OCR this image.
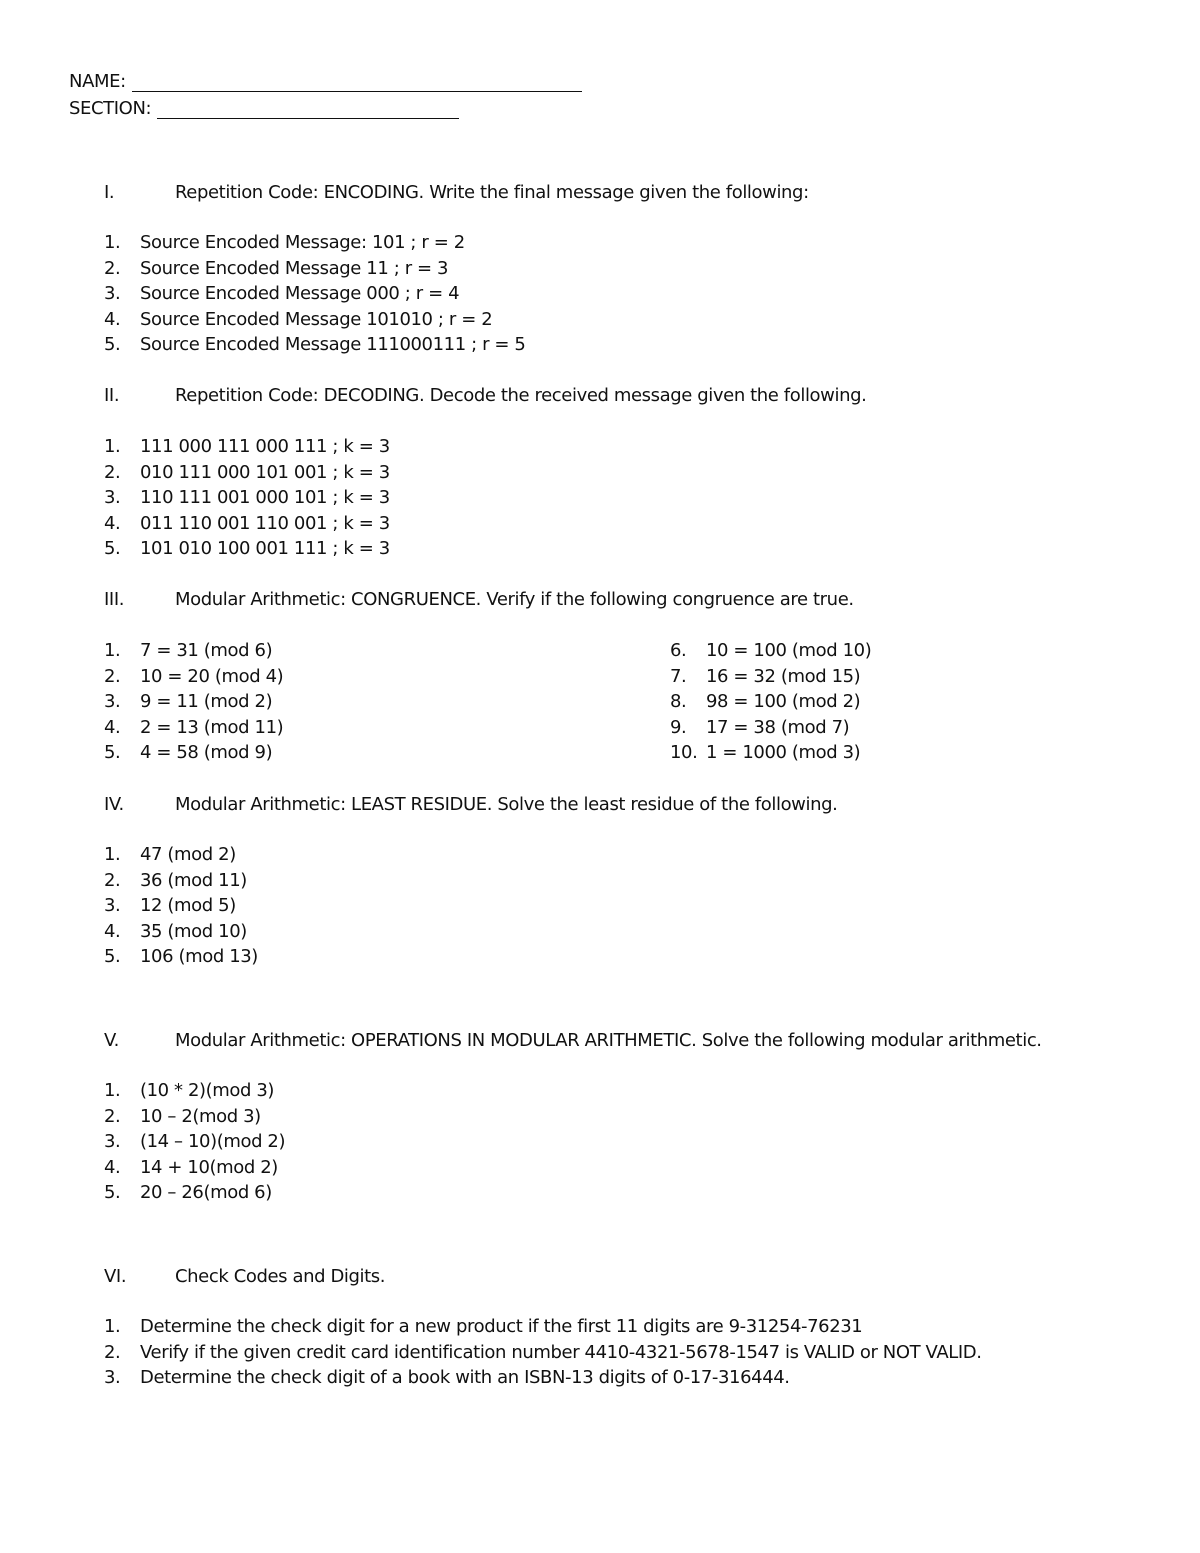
NAME:
SECTION:
I.	Repetition Code: ENCODING. Write the final message given the following:
1. Source Encoded Message: 101 ; r = 2
2. Source Encoded Message 11 ; r = 3
3. Source Encoded Message 000 ; r = 4
4. Source Encoded Message 101010 ; r = 2
5. Source Encoded Message 111000111 ; r = 5
II.	Repetition Code: DECODING. Decode the received message given the following.
1. 111 000 111 000 111 ; k = 3
2. 010 111 000 101 001 ; k = 3
3. 110 111 001 000 101 ; k = 3
4. 011 110 001 110 001 ; k = 3
5. 101 010 100 001 111 ; k = 3
III.	Modular Arithmetic: CONGRUENCE. Verify if the following congruence are true.
1. 7 = 31 (mod 6)
2. 10 = 20 (mod 4)
3. 9 = 11 (mod 2)
4. 2 = 13 (mod 11)
5. 4 = 58 (mod 9)
6. 10 = 100 (mod 10)
7. 16 = 32 (mod 15)
8. 98 = 100 (mod 2)
9. 17 = 38 (mod 7)
10. 1 = 1000 (mod 3)
IV.	Modular Arithmetic: LEAST RESIDUE. Solve the least residue of the following.
1. 47 (mod 2)
2. 36 (mod 11)
3. 12 (mod 5)
4. 35 (mod 10)
5. 106 (mod 13)
V.	Modular Arithmetic: OPERATIONS IN MODULAR ARITHMETIC. Solve the following modular arithmetic.
1. (10 * 2)(mod 3)
2. 10 – 2(mod 3)
3. (14 – 10)(mod 2)
4. 14 + 10(mod 2)
5. 20 – 26(mod 6)
VI.	Check Codes and Digits.
1. Determine the check digit for a new product if the first 11 digits are 9-31254-76231
2. Verify if the given credit card identification number 4410-4321-5678-1547 is VALID or NOT VALID.
3. Determine the check digit of a book with an ISBN-13 digits of 0-17-316444.
